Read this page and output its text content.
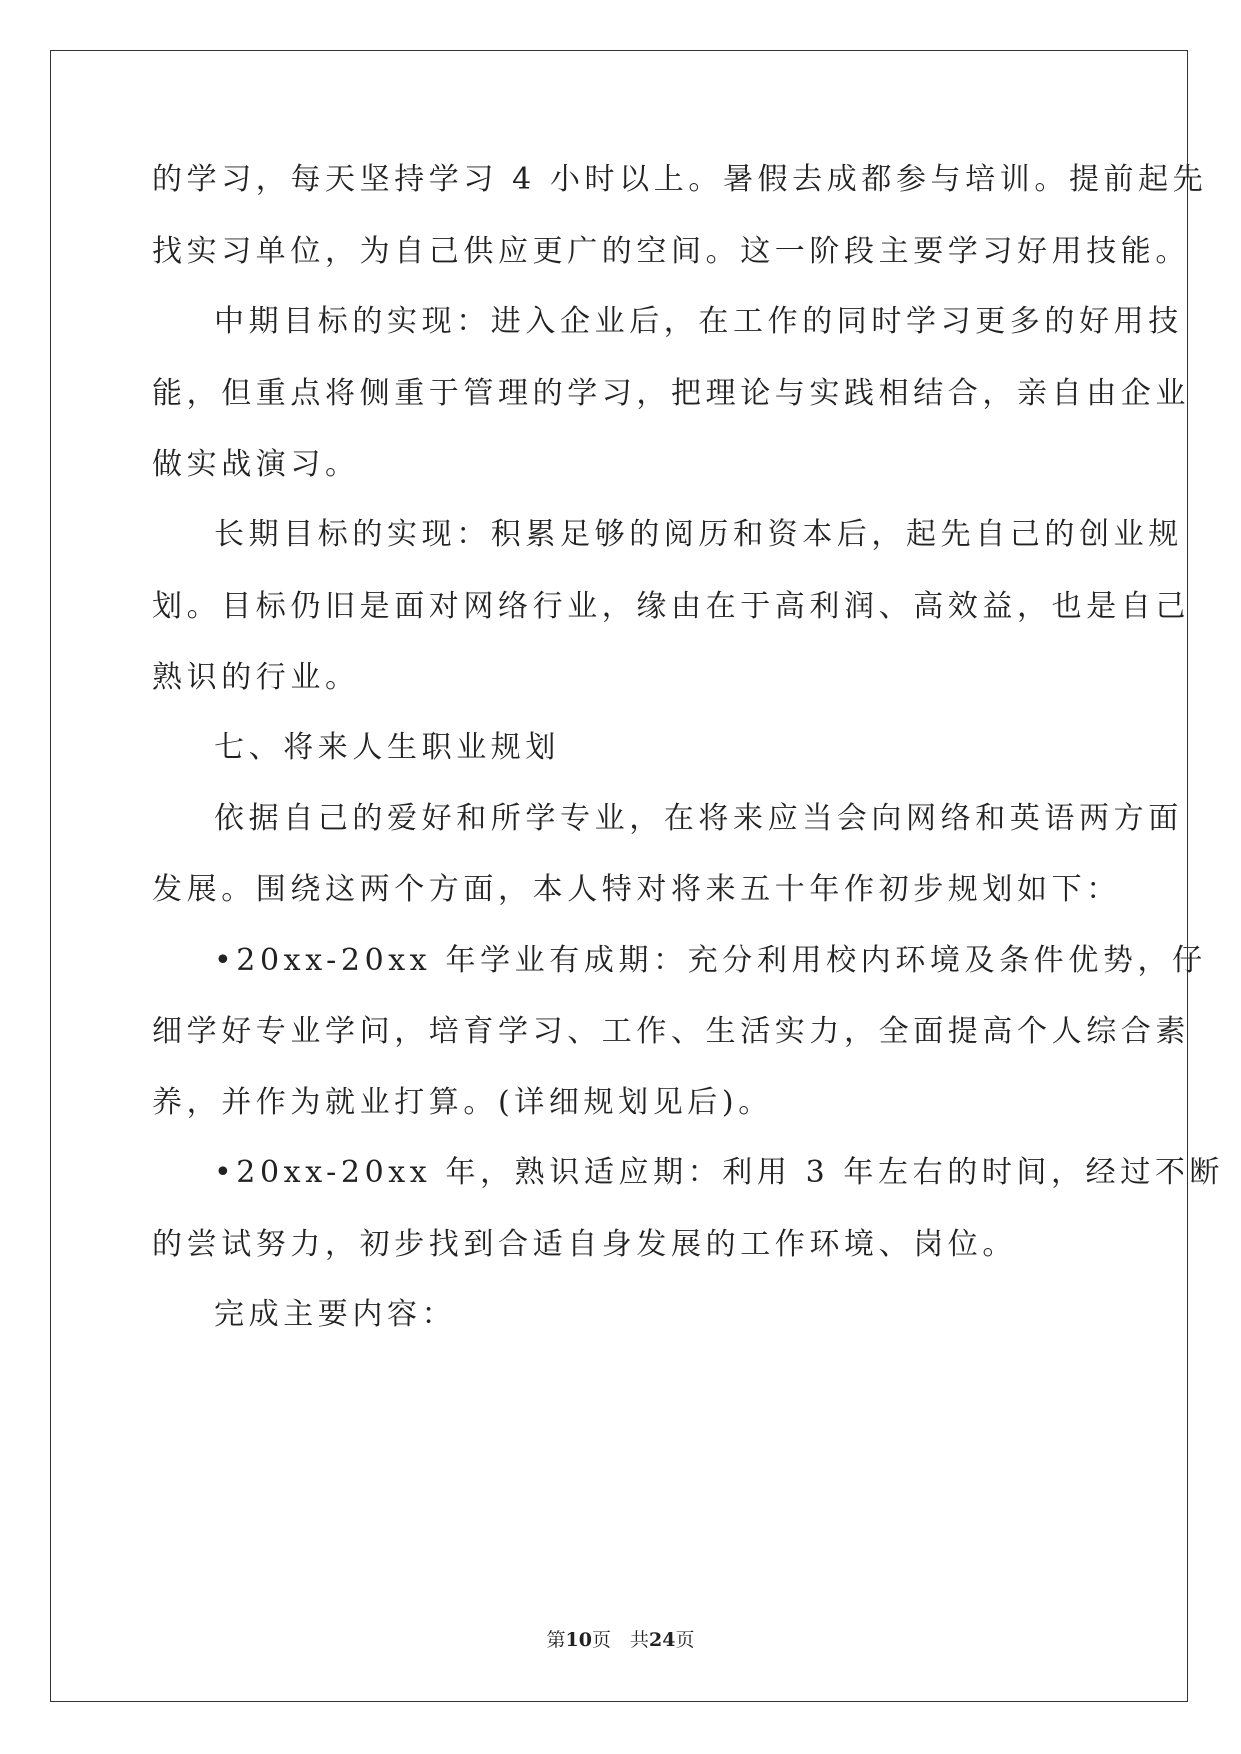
的学习，每天坚持学习 4 小时以上。暑假去成都参与培训。提前起先
找实习单位，为自己供应更广的空间。这一阶段主要学习好用技能。
中期目标的实现：进入企业后，在工作的同时学习更多的好用技
能，但重点将侧重于管理的学习，把理论与实践相结合，亲自由企业
做实战演习。
长期目标的实现：积累足够的阅历和资本后，起先自己的创业规
划。目标仍旧是面对网络行业，缘由在于高利润、高效益，也是自己
熟识的行业。
七、将来人生职业规划
依据自己的爱好和所学专业，在将来应当会向网络和英语两方面
发展。围绕这两个方面，本人特对将来五十年作初步规划如下：
•20xx-20xx 年学业有成期：充分利用校内环境及条件优势，仔
细学好专业学问，培育学习、工作、生活实力，全面提高个人综合素
养，并作为就业打算。(详细规划见后)。
•20xx-20xx 年，熟识适应期：利用 3 年左右的时间，经过不断
的尝试努力，初步找到合适自身发展的工作环境、岗位。
完成主要内容：
第10页　共24页
